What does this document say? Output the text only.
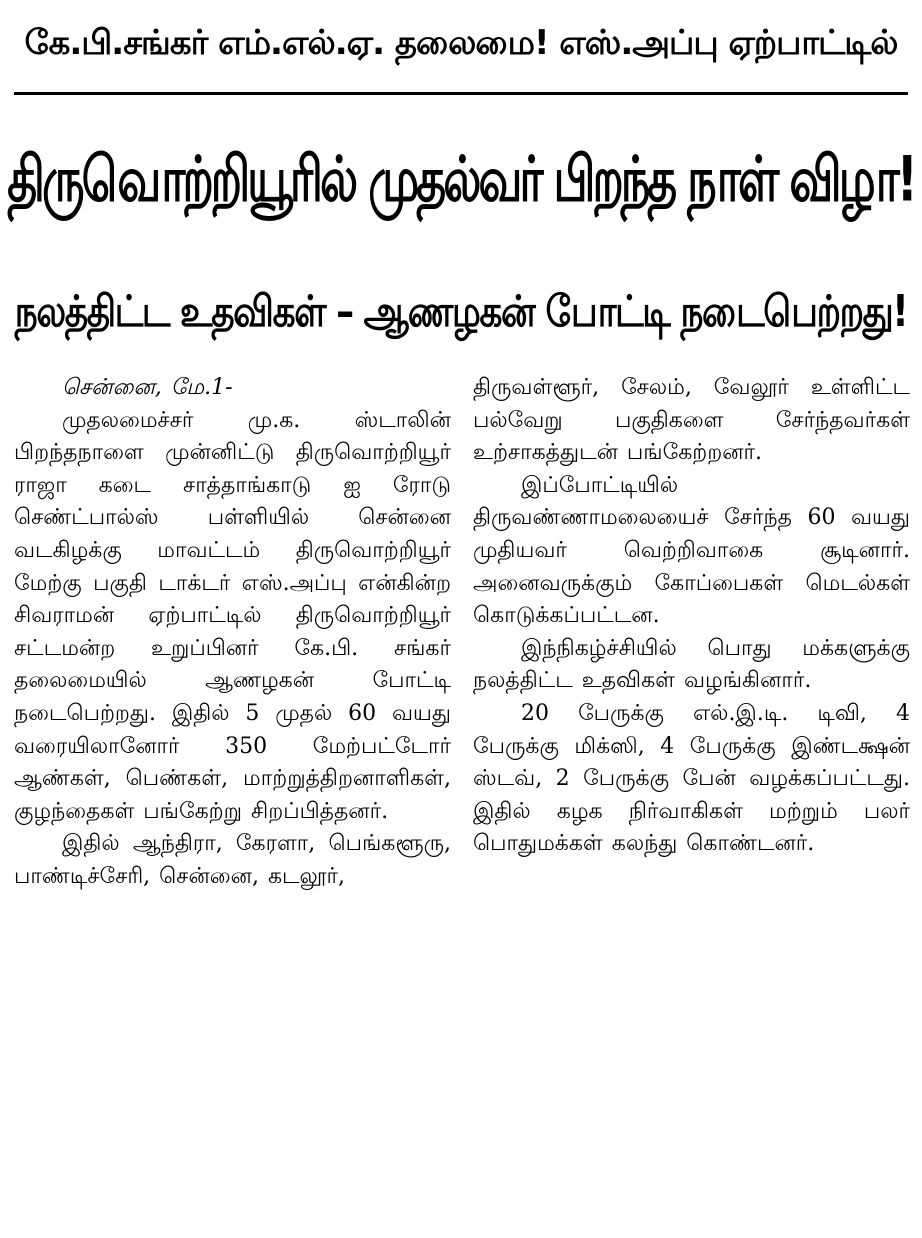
கே.பி.சங்கர் எம்.எல்.ஏ. தலைமை! எஸ்.அப்பு ஏற்பாட்டில்
திருவொற்றியூரில் முதல்வர் பிறந்த நாள் விழா!
நலத்திட்ட உதவிகள் – ஆணழகன் போட்டி நடைபெற்றது!

சென்னை, மே.1-

முதலமைச்சர் மு.க. ஸ்டாலின் பிறந்தநாளை முன்னிட்டு திருவொற்றியூர் ராஜா கடை சாத்தாங்காடு ஐ ரோடு செண்ட்பால்ஸ் பள்ளியில் சென்னை வடகிழக்கு மாவட்டம் திருவொற்றியூர் மேற்கு பகுதி டாக்டர் எஸ்.அப்பு என்கின்ற சிவராமன் ஏற்பாட்டில் திருவொற்றியூர் சட்டமன்ற உறுப்பினர் கே.பி. சங்கர் தலைமையில் ஆணழகன் போட்டி நடைபெற்றது. இதில் 5 முதல் 60 வயது வரையிலானோர் 350 மேற்பட்டோர் ஆண்கள், பெண்கள், மாற்றுத்திறனாளிகள், குழந்தைகள் பங்கேற்று சிறப்பித்தனர்.

இதில் ஆந்திரா, கேரளா, பெங்களூரு, பாண்டிச்சேரி, சென்னை, கடலூர்,

திருவள்ளூர், சேலம், வேலூர் உள்ளிட்ட பல்வேறு பகுதிகளை சேர்ந்தவர்கள் உற்சாகத்துடன் பங்கேற்றனர்.

இப்போட்டியில் திருவண்ணாமலையைச் சேர்ந்த 60 வயது முதியவர் வெற்றிவாகை சூடினார். அனைவருக்கும் கோப்பைகள் மெடல்கள் கொடுக்கப்பட்டன.

இந்நிகழ்ச்சியில் பொது மக்களுக்கு நலத்திட்ட உதவிகள் வழங்கினார்.

20 பேருக்கு எல்.இ.டி. டிவி, 4 பேருக்கு மிக்ஸி, 4 பேருக்கு இண்டக்ஷன் ஸ்டவ், 2 பேருக்கு பேன் வழக்கப்பட்டது. இதில் கழக நிர்வாகிகள் மற்றும் பலர் பொதுமக்கள் கலந்து கொண்டனர்.
